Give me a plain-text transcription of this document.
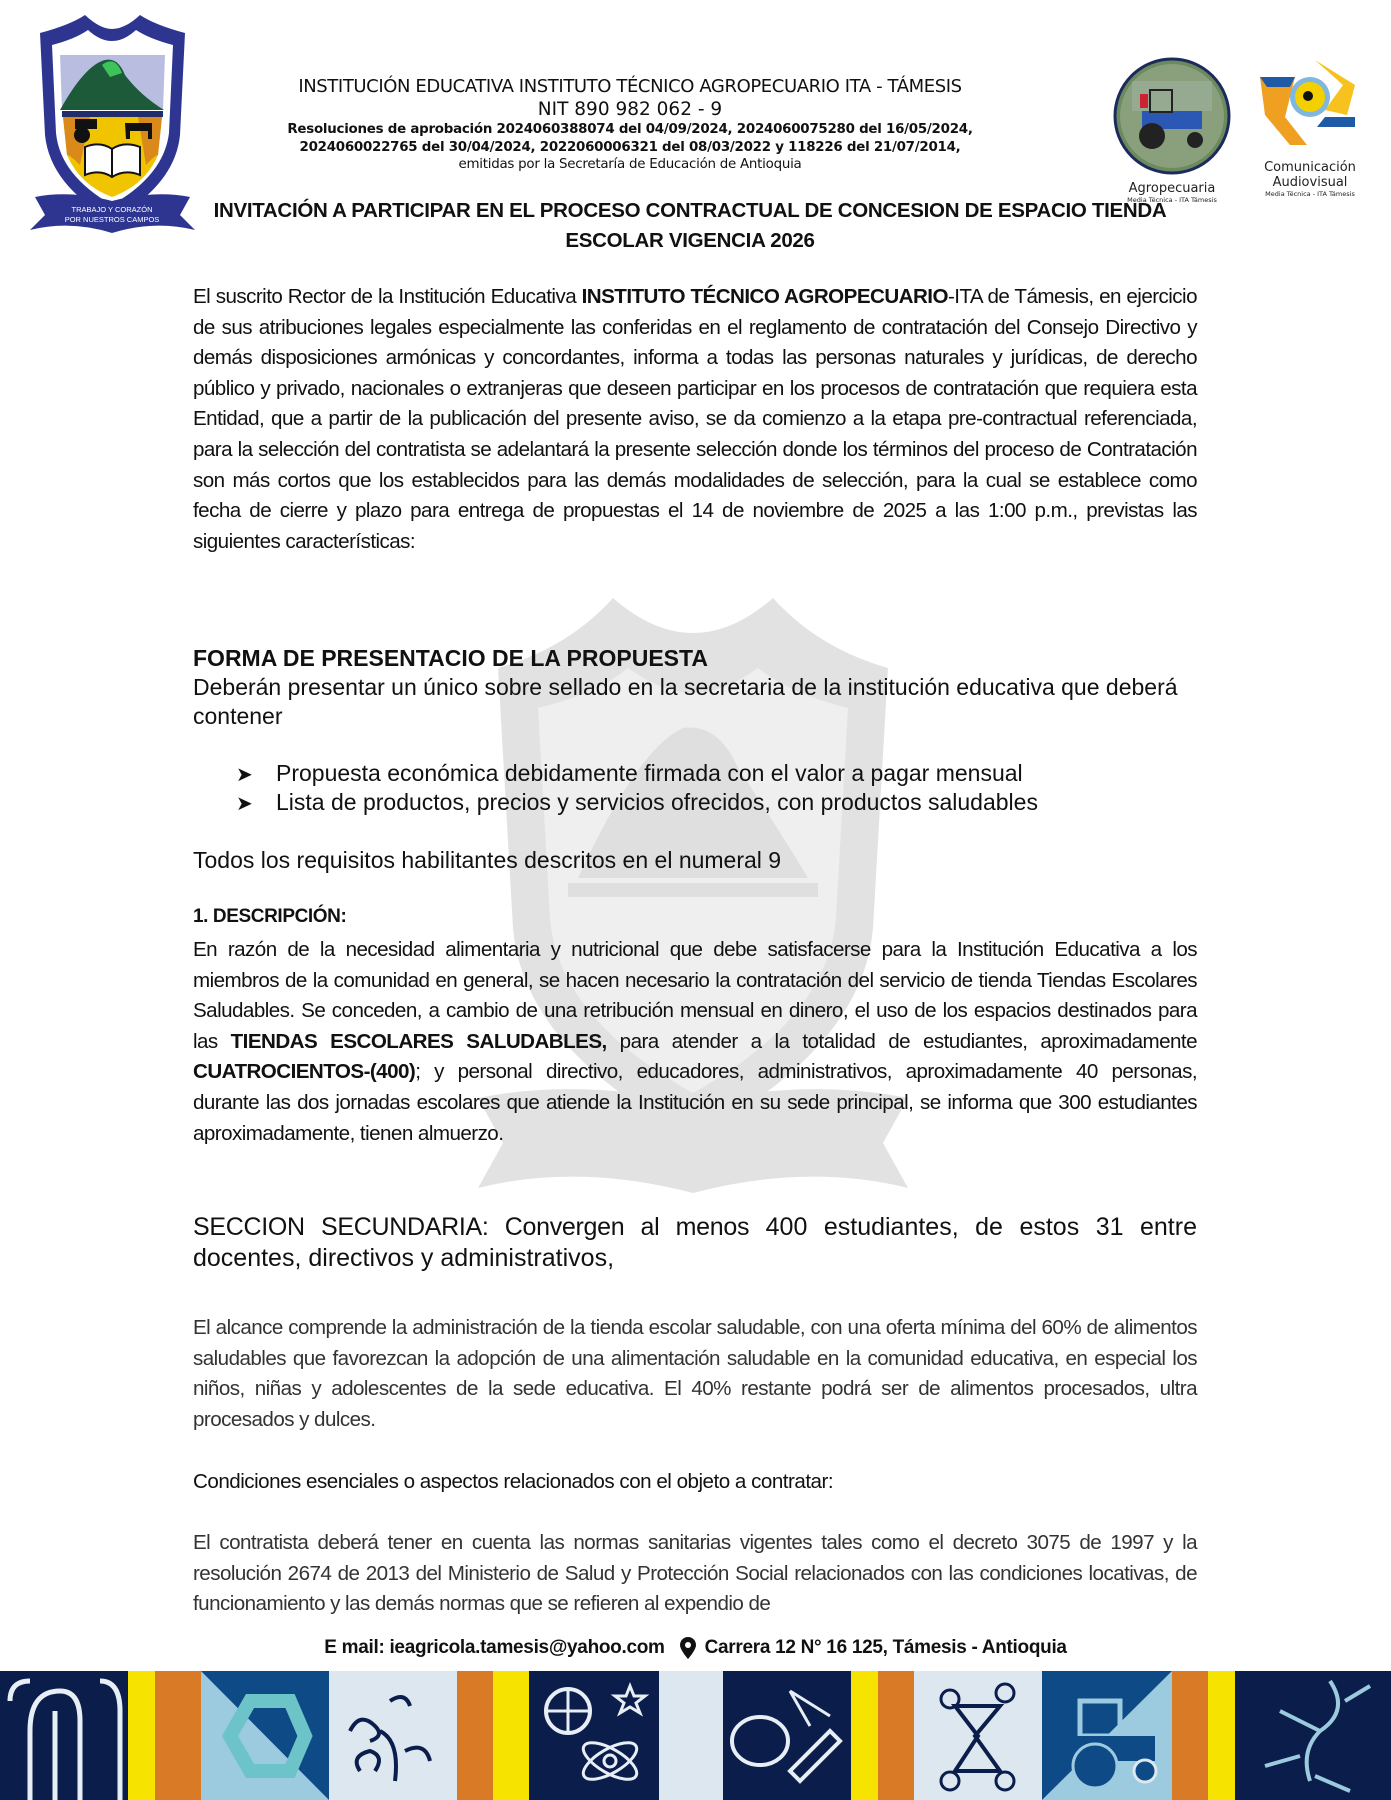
TRABAJO Y CORAZÓN
POR NUESTROS CAMPOS
INSTITUCIÓN EDUCATIVA INSTITUTO TÉCNICO AGROPECUARIO ITA - TÁMESIS
NIT 890 982 062 - 9
Resoluciones de aprobación 2024060388074 del 04/09/2024, 2024060075280 del 16/05/2024,
2024060022765 del 30/04/2024, 2022060006321 del 08/03/2022 y 118226 del 21/07/2014,
emitidas por la Secretaría de Educación de Antioquia
Agropecuaria
Media Técnica - ITA Támesis
Comunicación
Audiovisual
Media Técnica - ITA Támesis
INVITACIÓN A PARTICIPAR EN EL PROCESO CONTRACTUAL DE CONCESION DE ESPACIO TIENDA
ESCOLAR VIGENCIA 2026
El suscrito Rector de la Institución Educativa INSTITUTO TÉCNICO AGROPECUARIO-ITA de Támesis, en ejercicio de sus atribuciones legales especialmente las conferidas en el reglamento de contratación del Consejo Directivo y demás disposiciones armónicas y concordantes, informa a todas las personas naturales y jurídicas, de derecho público y privado, nacionales o extranjeras que deseen participar en los procesos de contratación que requiera esta Entidad, que a partir de la publicación del presente aviso, se da comienzo a la etapa pre-contractual referenciada, para la selección del contratista se adelantará la presente selección donde los términos del proceso de Contratación son más cortos que los establecidos para las demás modalidades de selección, para la cual se establece como fecha de cierre y plazo para entrega de propuestas el 14 de noviembre de 2025 a las 1:00 p.m., previstas las siguientes características:
FORMA DE PRESENTACIO DE LA PROPUESTA
Deberán presentar un único sobre sellado en la secretaria de la institución educativa que deberá contener
➤ Propuesta económica debidamente firmada con el valor a pagar mensual
➤ Lista de productos, precios y servicios ofrecidos, con productos saludables
Todos los requisitos habilitantes descritos en el numeral 9
1. DESCRIPCIÓN:
En razón de la necesidad alimentaria y nutricional que debe satisfacerse para la Institución Educativa a los miembros de la comunidad en general, se hacen necesario la contratación del servicio de tienda Tiendas Escolares Saludables. Se conceden, a cambio de una retribución mensual en dinero, el uso de los espacios destinados para las TIENDAS ESCOLARES SALUDABLES, para atender a la totalidad de estudiantes, aproximadamente CUATROCIENTOS-(400); y personal directivo, educadores, administrativos, aproximadamente 40 personas, durante las dos jornadas escolares que atiende la Institución en su sede principal, se informa que 300 estudiantes aproximadamente, tienen almuerzo.
SECCION SECUNDARIA: Convergen al menos 400 estudiantes, de estos 31 entre docentes, directivos y administrativos,
El alcance comprende la administración de la tienda escolar saludable, con una oferta mínima del 60% de alimentos saludables que favorezcan la adopción de una alimentación saludable en la comunidad educativa, en especial los niños, niñas y adolescentes de la sede educativa. El 40% restante podrá ser de alimentos procesados, ultra procesados y dulces.
Condiciones esenciales o aspectos relacionados con el objeto a contratar:
El contratista deberá tener en cuenta las normas sanitarias vigentes tales como el decreto 3075 de 1997 y la resolución 2674 de 2013 del Ministerio de Salud y Protección Social relacionados con las condiciones locativas, de funcionamiento y las demás normas que se refieren al expendio de
E mail: ieagricola.tamesis@yahoo.com Carrera 12 N° 16 125, Támesis - Antioquia
